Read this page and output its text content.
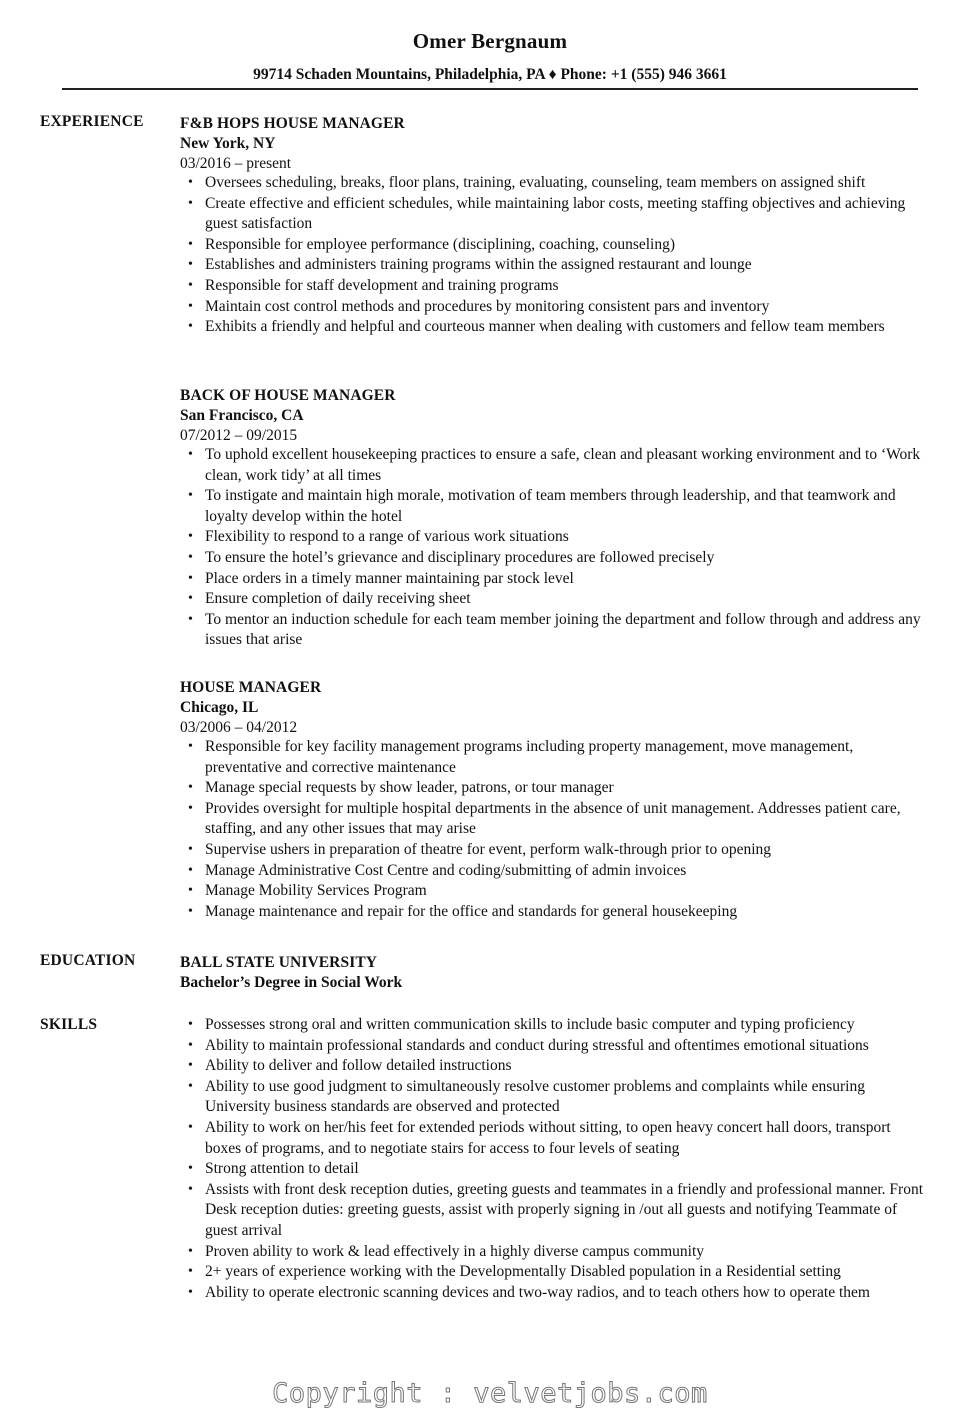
Omer Bergnaum
99714 Schaden Mountains, Philadelphia, PA ♦ Phone: +1 (555) 946 3661
EXPERIENCE F&B HOPS HOUSE MANAGER
New York, NY
03/2016 – present
• Oversees scheduling, breaks, floor plans, training, evaluating, counseling, team members on assigned shift
• Create effective and efficient schedules, while maintaining labor costs, meeting staffing objectives and achieving guest satisfaction
• Responsible for employee performance (disciplining, coaching, counseling)
• Establishes and administers training programs within the assigned restaurant and lounge
• Responsible for staff development and training programs
• Maintain cost control methods and procedures by monitoring consistent pars and inventory
• Exhibits a friendly and helpful and courteous manner when dealing with customers and fellow team members
BACK OF HOUSE MANAGER
San Francisco, CA
07/2012 – 09/2015
• To uphold excellent housekeeping practices to ensure a safe, clean and pleasant working environment and to ‘Work clean, work tidy’ at all times
• To instigate and maintain high morale, motivation of team members through leadership, and that teamwork and loyalty develop within the hotel
• Flexibility to respond to a range of various work situations
• To ensure the hotel’s grievance and disciplinary procedures are followed precisely
• Place orders in a timely manner maintaining par stock level
• Ensure completion of daily receiving sheet
• To mentor an induction schedule for each team member joining the department and follow through and address any issues that arise
HOUSE MANAGER
Chicago, IL
03/2006 – 04/2012
• Responsible for key facility management programs including property management, move management, preventative and corrective maintenance
• Manage special requests by show leader, patrons, or tour manager
• Provides oversight for multiple hospital departments in the absence of unit management. Addresses patient care, staffing, and any other issues that may arise
• Supervise ushers in preparation of theatre for event, perform walk-through prior to opening
• Manage Administrative Cost Centre and coding/submitting of admin invoices
• Manage Mobility Services Program
• Manage maintenance and repair for the office and standards for general housekeeping
EDUCATION	BALL STATE UNIVERSITY
Bachelor’s Degree in Social Work
SKILLS
•	Possesses strong oral and written communication skills to include basic computer and typing proficiency
• Ability to maintain professional standards and conduct during stressful and oftentimes emotional situations
• Ability to deliver and follow detailed instructions
• Ability to use good judgment to simultaneously resolve customer problems and complaints while ensuring University business standards are observed and protected
• Ability to work on her/his feet for extended periods without sitting, to open heavy concert hall doors, transport boxes of programs, and to negotiate stairs for access to four levels of seating
• Strong attention to detail
• Assists with front desk reception duties, greeting guests and teammates in a friendly and professional manner. Front Desk reception duties: greeting guests, assist with properly signing in /out all guests and notifying Teammate of guest arrival
• Proven ability to work & lead effectively in a highly diverse campus community
• 2+ years of experience working with the Developmentally Disabled population in a Residential setting
• Ability to operate electronic scanning devices and two-way radios, and to teach others how to operate them
Copyright : velvetjobs.com
